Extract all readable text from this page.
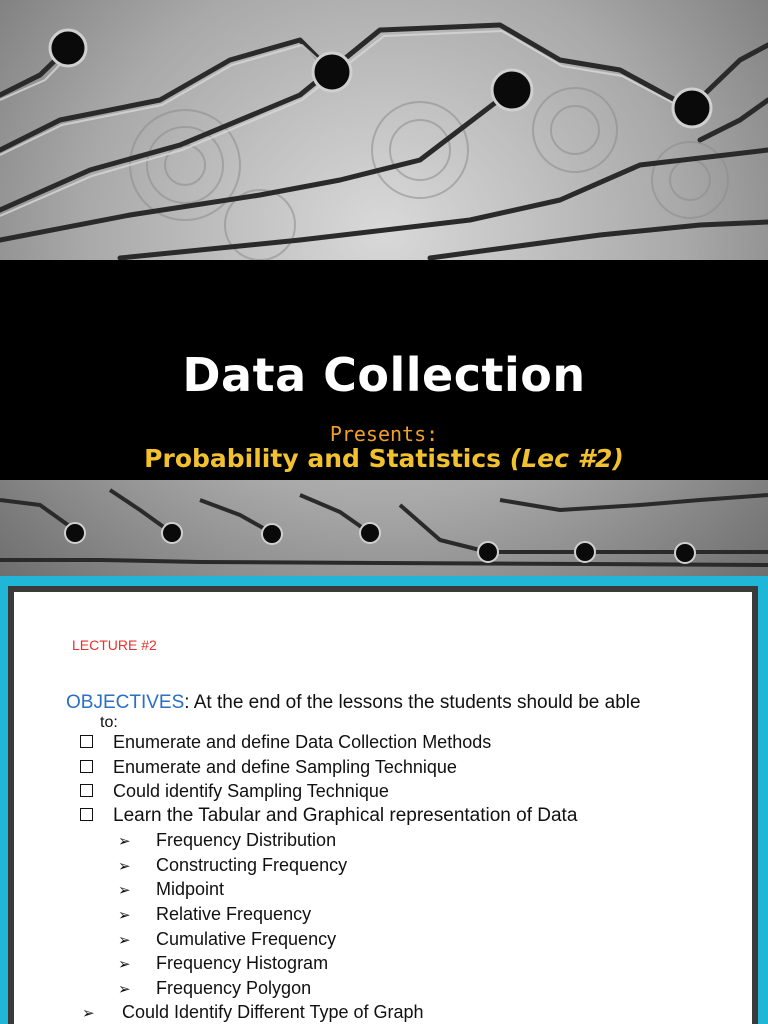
Data Collection
Presents:
Probability and Statistics (Lec #2)
LECTURE #2
OBJECTIVES: At the end of the lessons the students should be able
to:
Enumerate and define Data Collection Methods
Enumerate and define Sampling Technique
Could identify Sampling Technique
Learn the Tabular and Graphical representation of Data
➢ Frequency Distribution
➢ Constructing Frequency
➢ Midpoint
➢ Relative Frequency
➢ Cumulative Frequency
➢ Frequency Histogram
➢ Frequency Polygon
➢ Could Identify Different Type of Graph
